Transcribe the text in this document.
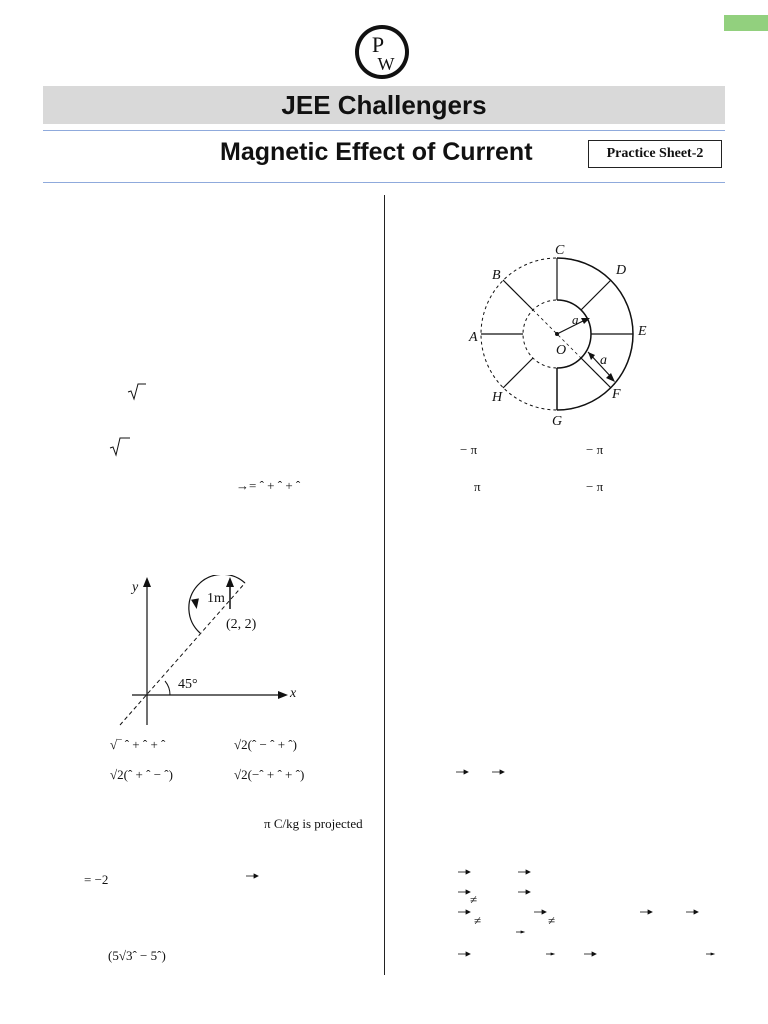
P
W
JEE Challengers
Magnetic Effect of Current	Practice Sheet-2
→= ˆ + ˆ + ˆ
y
x
1m
(2, 2)
45°
√‾ ˆ + ˆ + ˆ	√2(ˆ − ˆ + ˆ)
√2(ˆ + ˆ − ˆ)	√2(−ˆ + ˆ + ˆ)
π C/kg is projected
= −2
(5√3ˆ − 5ˆ)
C
D
E
F
G
H
A
B
O
a
a
− π	− π
π	− π
≠
≠	≠
